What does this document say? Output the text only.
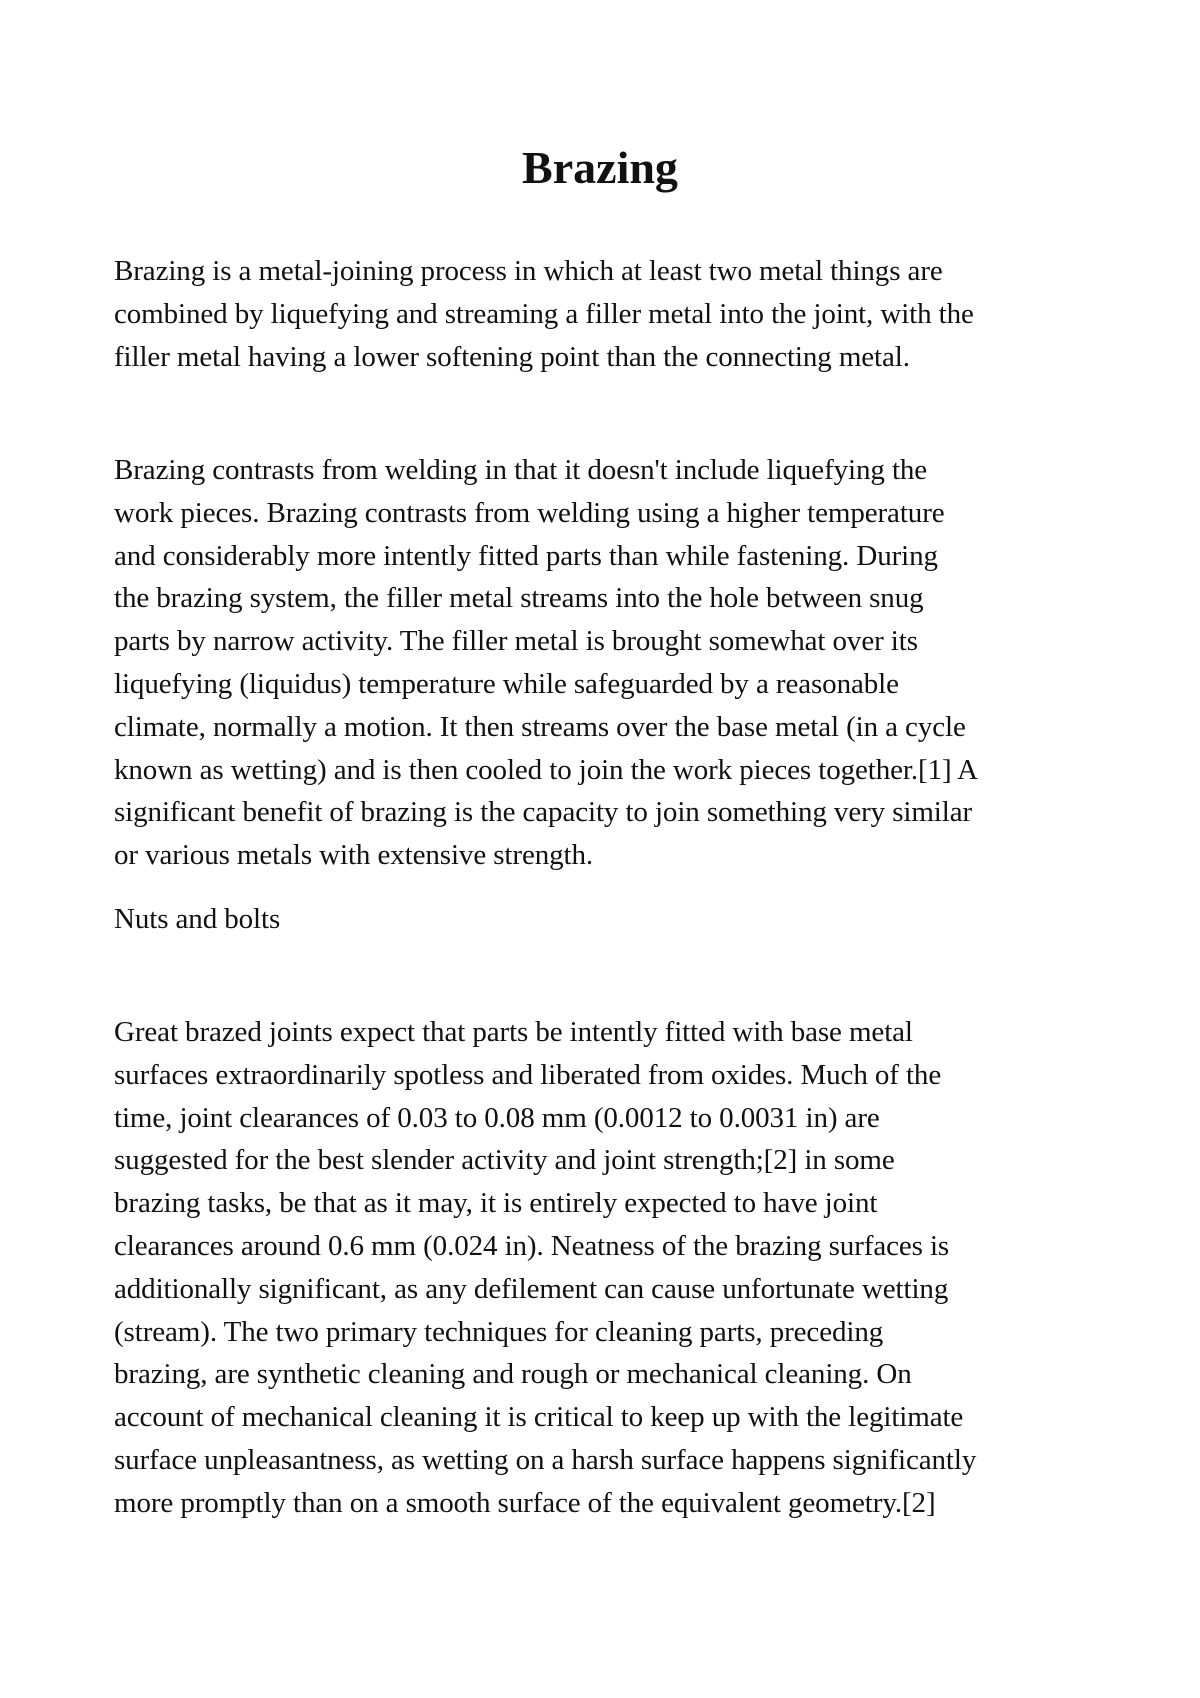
Brazing
Brazing is a metal-joining process in which at least two metal things are
combined by liquefying and streaming a filler metal into the joint, with the
filler metal having a lower softening point than the connecting metal.
Brazing contrasts from welding in that it doesn't include liquefying the
work pieces. Brazing contrasts from welding using a higher temperature
and considerably more intently fitted parts than while fastening. During
the brazing system, the filler metal streams into the hole between snug
parts by narrow activity. The filler metal is brought somewhat over its
liquefying (liquidus) temperature while safeguarded by a reasonable
climate, normally a motion. It then streams over the base metal (in a cycle
known as wetting) and is then cooled to join the work pieces together.[1] A
significant benefit of brazing is the capacity to join something very similar
or various metals with extensive strength.
Nuts and bolts
Great brazed joints expect that parts be intently fitted with base metal
surfaces extraordinarily spotless and liberated from oxides. Much of the
time, joint clearances of 0.03 to 0.08 mm (0.0012 to 0.0031 in) are
suggested for the best slender activity and joint strength;[2] in some
brazing tasks, be that as it may, it is entirely expected to have joint
clearances around 0.6 mm (0.024 in). Neatness of the brazing surfaces is
additionally significant, as any defilement can cause unfortunate wetting
(stream). The two primary techniques for cleaning parts, preceding
brazing, are synthetic cleaning and rough or mechanical cleaning. On
account of mechanical cleaning it is critical to keep up with the legitimate
surface unpleasantness, as wetting on a harsh surface happens significantly
more promptly than on a smooth surface of the equivalent geometry.[2]
